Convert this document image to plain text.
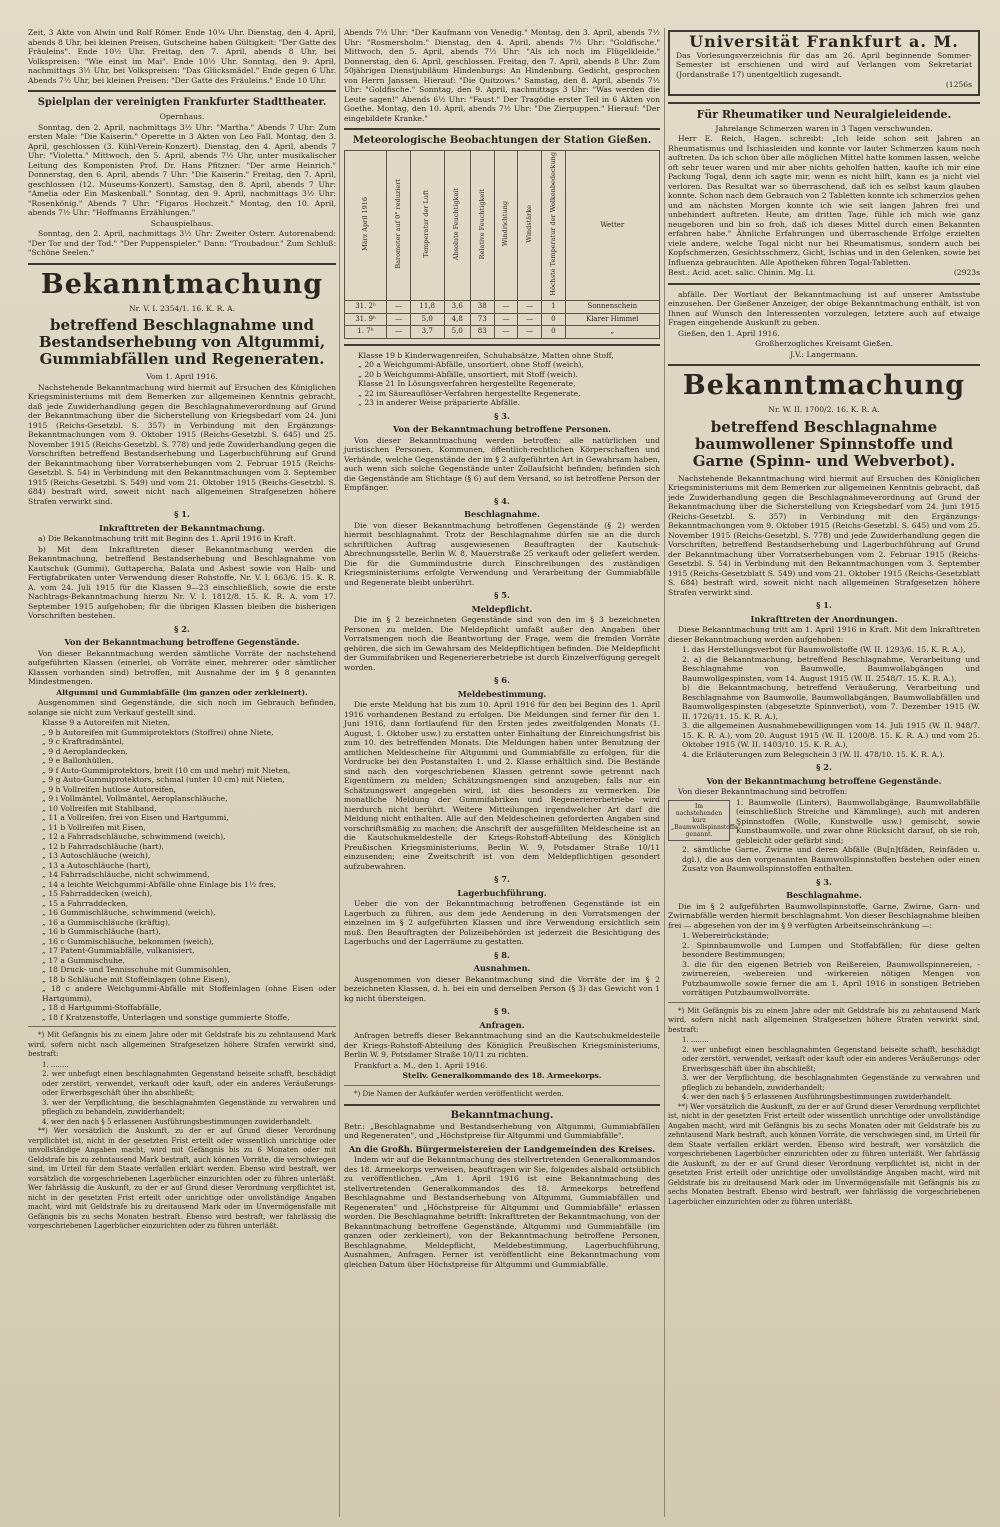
Zeit, 3 Akte von Alwin und Rolf Römer. Ende 10¼ Uhr. Dienstag, den 4. April, abends 8 Uhr, bei kleinen Preisen, Gutscheine haben Gültigkeit: "Der Gatte des Fräuleins". Ende 10½ Uhr. Freitag, den 7. April, abends 8 Uhr, bei Volkspreisen: "Wie einst im Mai". Ende 10½ Uhr. Sonntag, den 9. April, nachmittags 3½ Uhr, bei Volkspreisen: "Das Glücksmädel." Ende gegen 6 Uhr. Abends 7½ Uhr, bei kleinen Preisen: "Der Gatte des Fräuleins." Ende 10 Uhr.

Spielplan der vereinigten Frankfurter Stadttheater.

Opernhaus.

Sonntag, den 2. April, nachmittags 3½ Uhr: "Martha." Abends 7 Uhr: Zum ersten Male: "Die Kaiserin." Operette in 3 Akten von Leo Fall. Montag, den 3. April, geschlossen (3. Kühl-Verein-Konzert). Dienstag, den 4. April, abends 7 Uhr: "Violetta." Mittwoch, den 5. April, abends 7½ Uhr, unter musikalischer Leitung des Komponisten Prof. Dr. Hans Pfitzner: "Der arme Heinrich." Donnerstag, den 6. April, abends 7 Uhr: "Die Kaiserin." Freitag, den 7. April, geschlossen (12. Museums-Konzert). Samstag, den 8. April, abends 7 Uhr: "Amelia oder Ein Maskenball." Sonntag, den 9. April, nachmittags 3½ Uhr: "Rosenkönig." Abends 7 Uhr: "Figaros Hochzeit." Montag, den 10. April, abends 7½ Uhr: "Hoffmanns Erzählungen."

Schauspielhaus.

Sonntag, den 2. April, nachmittags 3½ Uhr: Zweiter Osterr. Autorenabend: "Der Tor und der Tod." "Der Puppenspieler." Dann: "Troubadour." Zum Schluß: "Schöne Seelen."

Bekanntmachung

Nr. V. I. 2354/1. 16. K. R. A.

betreffend Beschlagnahme und Bestandserhebung von Altgummi, Gummiabfällen und Regeneraten.

Vom 1. April 1916.

Nachstehende Bekanntmachung wird hiermit auf Ersuchen des Königlichen Kriegsministeriums mit dem Bemerken zur allgemeinen Kenntnis gebracht, daß jede Zuwiderhandlung gegen die Beschlagnahmeverordnung auf Grund der Bekanntmachung über die Sicherstellung von Kriegsbedarf vom 24. Juni 1915 (Reichs-Gesetzbl. S. 357) in Verbindung mit den Ergänzungs-Bekanntmachungen vom 9. Oktober 1915 (Reichs-Gesetzbl. S. 645) und 25. November 1915 (Reichs-Gesetzbl. S. 778) und jede Zuwiderhandlung gegen die Vorschriften betreffend Bestandserhebung und Lagerbuchführung auf Grund der Bekanntmachung über Vorratserhebungen vom 2. Februar 1915 (Reichs-Gesetzbl. S. 54) in Verbindung mit den Bekanntmachungen vom 3. September 1915 (Reichs-Gesetzbl. S. 549) und vom 21. Oktober 1915 (Reichs-Gesetzbl. S. 684) bestraft wird, soweit nicht nach allgemeinen Strafgesetzen höhere Strafen verwirkt sind.

§ 1.
Inkrafttreten der Bekanntmachung.

a) Die Bekanntmachung tritt mit Beginn des 1. April 1916 in Kraft.

b) Mit dem Inkrafttreten dieser Bekanntmachung werden die Bekanntmachung, betreffend Bestandserhebung und Beschlagnahme von Kautschuk (Gummi), Guttapercha, Balata und Asbest sowie von Halb- und Fertigfabrikaten unter Verwendung dieser Rohstoffe, Nr. V. I. 663/6. 15. K. R. A. vom 24. Juli 1915 für die Klassen 9—23 einschließlich, sowie die erste Nachtrags-Bekanntmachung hierzu Nr. V. I. 1812/8. 15. K. R. A. vom 17. September 1915 aufgehoben; für die übrigen Klassen bleiben die bisherigen Vorschriften bestehen.

§ 2.
Von der Bekanntmachung betroffene Gegenstände.

Von dieser Bekanntmachung werden sämtliche Vorräte der nachstehend aufgeführten Klassen (einerlei, ob Vorräte einer, mehrerer oder sämtlicher Klassen vorhanden sind) betroffen, mit Ausnahme der im § 8 genannten Mindestmengen.

Altgummi und Gummiabfälle (im ganzen oder zerkleinert).

Ausgenommen sind Gegenstände, die sich noch im Gebrauch befinden, solange sie nicht zum Verkauf gestellt sind.

Klasse 9 a Autoreifen mit Nieten,

„ 9 b Autoreifen mit Gummiprotektors (Stoffrei) ohne Niete,

„ 9 c Kraftradmäntel,

„ 9 d Aeroplandecken,

„ 9 e Ballonhüllen,

„ 9 f Auto-Gummiprotektors, breit (10 cm und mehr) mit Nieten,

„ 9 g Auto-Gummiprotektors, schmal (unter 10 cm) mit Nieten,

„ 9 h Vollreifen hutlose Autoreifen,

„ 9 i Vollmäntel, Vollmäntel, Aeroplanschläuche,

„ 10 Vollreifen mit Stahlband,

„ 11 a Vollreifen, frei von Eisen und Hartgummi,

„ 11 b Vollreifen mit Eisen,

„ 12 a Fahrradschläuche, schwimmend (weich),

„ 12 b Fahrradschläuche (hart),

„ 13 Autoschläuche (weich),

„ 13 a Autoschläuche (hart),

„ 14 Fahrradschläuche, nicht schwimmend,

„ 14 a leichte Weichgummi-Abfälle ohne Einlage bis 1½ fres,

„ 15 Fahrraddecken (weich),

„ 15 a Fahrraddecken,

„ 16 Gummischläuche, schwimmend (weich),

„ 16 a Gummischläuche (kräftig),

„ 16 b Gummischläuche (hart),

„ 16 c Gummischläuche, bekommen (weich),

„ 17 Patent-Gummiabfälle, vulkanisiert,

„ 17 a Gummischuhe,

„ 18 Druck- und Tennisschuhe mit Gummisohlen,

„ 18 b Schläuche mit Stoffeinlagen (ohne Eisen),

„ 18 c andere Weichgummi-Abfälle mit Stoffeinlagen (ohne Eisen oder Hartgummi),

„ 18 d Hartgummi-Stoffabfälle,

„ 18 f Kratzenstoffe, Unterlagen und sonstige gummierte Stoffe,

*) Mit Gefängnis bis zu einem Jahre oder mit Geldstrafe bis zu zehntausend Mark wird, sofern nicht nach allgemeinen Strafgesetzen höhere Strafen verwirkt sind, bestraft:

1. ........

2. wer unbefugt einen beschlagnahmten Gegenstand beiseite schafft, beschädigt oder zerstört, verwendet, verkauft oder kauft, oder ein anderes Veräußerungs- oder Erwerbsgeschäft über ihn abschließt;

3. wer der Verpflichtung, die beschlagnahmten Gegenstände zu verwahren und pfleglich zu behandeln, zuwiderhandelt;

4. wer den nach § 5 erlassenen Ausführungsbestimmungen zuwiderhandelt.

**) Wer vorsätzlich die Auskunft, zu der er auf Grund dieser Verordnung verpflichtet ist, nicht in der gesetzten Frist erteilt oder wissentlich unrichtige oder unvollständige Angaben macht, wird mit Gefängnis bis zu 6 Monaten oder mit Geldstrafe bis zu zehntausend Mark bestraft, auch können Vorräte, die verschwiegen sind, im Urteil für dem Staate verfallen erklärt werden. Ebenso wird bestraft, wer vorsätzlich die vorgeschriebenen Lagerbücher einzurichten oder zu führen unterläßt. Wer fahrlässig die Auskunft, zu der er auf Grund dieser Verordnung verpflichtet ist, nicht in der gesetzten Frist erteilt oder unrichtige oder unvollständige Angaben macht, wird mit Geldstrafe bis zu dreitausend Mark oder im Unvermögensfalle mit Gefängnis bis zu sechs Monaten bestraft. Ebenso wird bestraft, wer fahrlässig die vorgeschriebenen Lagerbücher einzurichten oder zu führen unterläßt.

Abends 7½ Uhr: "Der Kaufmann von Venedig." Montag, den 3. April, abends 7½ Uhr: "Rosmersholm." Dienstag, den 4. April, abends 7½ Uhr: "Goldfische." Mittwoch, den 5. April, abends 7½ Uhr: "Als ich noch im Flügelkleide." Donnerstag, den 6. April, geschlossen. Freitag, den 7. April, abends 8 Uhr: Zum 50jährigen Dienstjubiläum Hindenburgs: An Hindenburg. Gedicht, gesprochen von Herrn Janssen. Hierauf: "Die Quitzows." Samstag, den 8. April, abends 7½ Uhr: "Goldfische." Sonntag, den 9. April, nachmittags 3 Uhr: "Was werden die Leute sagen!" Abends 6½ Uhr: "Faust." Der Tragödie erster Teil in 6 Akten von Goethe. Montag, den 10. April, abends 7½ Uhr: "Die Zierpuppen." Hierauf: "Der eingebildete Kranke."

Meteorologische Beobachtungen der Station Gießen.
März April 1916	Barometer auf 0° reduziert	Temperatur der Luft	Absolute Feuchtigkeit	Relative Feuchtigkeit	Windrichtung	Windstärke	Höchste Temperatur der Wolkenbedeckung	Wetter
31. 2ʰ	—	11,8	3,6	38	—	—	1	Sonnenschein
31. 9ʰ	—	5,0	4,8	73	—	—	0	Klarer Himmel
1. 7ʰ	—	3,7	5,0	83	—	—	0	„

Klasse 19 b Kinderwagenreifen, Schuhabsätze, Matten ohne Stoff,

„ 20 a Weichgummi-Abfälle, unsortiert, ohne Stoff (weich),

„ 20 b Weichgummi-Abfälle, unsortiert, mit Stoff (weich).

Klasse 21 In Lösungsverfahren hergestellte Regenerate,

„ 22 im Säureauflöser-Verfahren hergestellte Regenerate,

„ 23 in anderer Weise präparierte Abfälle.

§ 3.
Von der Bekanntmachung betroffene Personen.

Von dieser Bekanntmachung werden betroffen: alle natürlichen und juristischen Personen, Kommunen, öffentlich-rechtlichen Körperschaften und Verbände, welche Gegenstände der im § 2 aufgeführten Art in Gewahrsam haben, auch wenn sich solche Gegenstände unter Zollaufsicht befinden; befinden sich die Gegenstände am Stichtage (§ 6) auf dem Versand, so ist betroffene Person der Empfänger.

§ 4.
Beschlagnahme.

Die von dieser Bekanntmachung betroffenen Gegenstände (§ 2) werden hiermit beschlagnahmt. Trotz der Beschlagnahme dürfen sie an die durch schriftlichen Auftrag ausgewiesenen Beauftragten der Kautschuk-Abrechnungsstelle, Berlin W. 8, Mauerstraße 25 verkauft oder geliefert werden. Die für die Gummiindustrie durch Einschreibungen des zuständigen Kriegsministeriums erfolgte Verwendung und Verarbeitung der Gummiabfälle und Regenerate bleibt unberührt.

§ 5.
Meldepflicht.

Die im § 2 bezeichneten Gegenstände sind von den im § 3 bezeichneten Personen zu melden. Die Meldepflicht umfaßt außer den Angaben über Vorratsmengen noch die Beantwortung der Frage, wem die fremden Vorräte gehören, die sich im Gewahrsam des Meldepflichtigen befinden. Die Meldepflicht der Gummifabriken und Regeneriererbetriebe ist durch Einzelverfügung geregelt worden.

§ 6.
Meldebestimmung.

Die erste Meldung hat bis zum 10. April 1916 für den bei Beginn des 1. April 1916 vorhandenen Bestand zu erfolgen. Die Meldungen sind ferner für den 1. Juni 1916, dann fortlaufend für den Ersten jedes zweitfolgenden Monats (1. August, 1. Oktober usw.) zu erstatten unter Einhaltung der Einreichungsfrist bis zum 10. des betreffenden Monats. Die Meldungen haben unter Benutzung der amtlichen Meldescheine für Altgummi und Gummiabfälle zu erfolgen, für die Vordrucke bei den Postanstalten 1. und 2. Klasse erhältlich sind. Die Bestände sind nach den vorgeschriebenen Klassen getrennt sowie getrennt nach Eigentümern zu melden; Schätzungsmengen sind anzugeben; falls nur ein Schätzungswert angegeben wird, ist dies besonders zu vermerken. Die monatliche Meldung der Gummifabriken und Regeneriererbetriebe wird hierdurch nicht berührt. Weitere Mitteilungen irgendwelcher Art darf die Meldung nicht enthalten. Alle auf den Meldescheinen geforderten Angaben sind vorschriftsmäßig zu machen; die Anschrift der ausgefüllten Meldescheine ist an die Kautschukmeldestelle der Kriegs-Rohstoff-Abteilung des Königlich Preußischen Kriegsministeriums, Berlin W. 9, Potsdamer Straße 10/11 einzusenden; eine Zweitschrift ist von dem Meldepflichtigen gesondert aufzubewahren.

§ 7.
Lagerbuchführung.

Ueber die von der Bekanntmachung betroffenen Gegenstände ist ein Lagerbuch zu führen, aus dem jede Aenderung in den Vorratsmengen der einzelnen im § 2 aufgeführten Klassen und ihre Verwendung ersichtlich sein muß. Den Beauftragten der Polizeibehörden ist jederzeit die Besichtigung des Lagerbuchs und der Lagerräume zu gestatten.

§ 8.
Ausnahmen.

Ausgenommen von dieser Bekanntmachung sind die Vorräte der im § 2 bezeichneten Klassen, d. h. bei ein und derselben Person (§ 3) das Gewicht von 1 kg nicht übersteigen.

§ 9.
Anfragen.

Anfragen betreffs dieser Bekanntmachung sind an die Kautschukmeldestelle der Kriegs-Rohstoff-Abteilung des Königlich Preußischen Kriegsministeriums, Berlin W. 9, Potsdamer Straße 10/11 zu richten.

Frankfurt a. M., den 1. April 1916.

Stellv. Generalkommando des 18. Armeekorps.

*) Die Namen der Aufkäufer werden veröffentlicht werden.

Bekanntmachung.

Betr.: „Beschlagnahme und Bestandserhebung von Altgummi, Gummiabfällen und Regeneraten", und „Höchstpreise für Altgummi und Gummiabfälle".

An die Großh. Bürgermeistereien der Landgemeinden des Kreises.

Indem wir auf die Bekanntmachung des stellvertretenden Generalkommandos des 18. Armeekorps verweisen, beauftragen wir Sie, folgendes alsbald ortsüblich zu veröffentlichen. „Am 1. April 1916 ist eine Bekanntmachung des stellvertretenden Generalkommandos des 18. Armeekorps betreffend Beschlagnahme und Bestandserhebung von Altgummi, Gummiabfällen und Regeneraten" und „Höchstpreise für Altgummi und Gummiabfälle" erlassen worden. Die Beschlagnahme betrifft: Inkrafttreten der Bekanntmachung, von der Bekanntmachung betroffene Gegenstände, Altgummi und Gummiabfälle (im ganzen oder zerkleinert), von der Bekanntmachung betroffene Personen, Beschlagnahme, Meldepflicht, Meldebestimmung, Lagerbuchführung, Ausnahmen, Anfragen. Ferner ist veröffentlicht eine Bekanntmachung vom gleichen Datum über Höchstpreise für Altgummi und Gummiabfälle.

Universität Frankfurt a. M.

Das Vorlesungsverzeichnis für das am 26. April beginnende Sommer-Semester ist erschienen und wird auf Verlangen vom Sekretariat (Jordanstraße 17) unentgeltlich zugesandt.

(1256s

Für Rheumatiker und Neuralgieleidende.

Jahrelange Schmerzen waren in 3 Tagen verschwunden.

Herr E. Reich, Hagen, schreibt: „Ich leide schon seit Jahren an Rheumatismus und Ischiasleiden und konnte vor lauter Schmerzen kaum noch auftreten. Da ich schon über alle möglichen Mittel hatte kommen lassen, welche oft sehr teuer waren und mir aber nichts geholfen hatten, kaufte ich mir eine Packung Togal, denn ich sagte mir, wenn es nicht hilft, kann es ja nicht viel verloren. Das Resultat war so überraschend, daß ich es selbst kaum glauben konnte. Schon nach dem Gebrauch von 2 Tabletten konnte ich schmerzlos gehen und am nächsten Morgen konnte ich wie seit langen Jahren frei und unbehindert auftreten. Heute, am dritten Tage, fühle ich mich wie ganz neugeboren und bin so froh, daß ich dieses Mittel durch einen Bekannten erfahren habe." Ähnliche Erfahrungen und überraschende Erfolge erzielten viele andere, welche Togal nicht nur bei Rheumatismus, sondern auch bei Kopfschmerzen, Gesichtsschmerz, Gicht, Ischias und in den Gelenken, sowie bei Influenza gebrauchten. Alle Apotheken führen Togal-Tabletten.

Best.: Acid. acet. salic. Chinin. Mg. Li.	(2923s

abfälle. Der Wortlaut der Bekanntmachung ist auf unserer Amtsstube einzusehen. Der Gießener Anzeiger, der obige Bekanntmachung enthält, ist von Ihnen auf Wunsch den Interessenten vorzulegen, letztere auch auf etwaige Fragen eingehende Auskunft zu geben.

Gießen, den 1. April 1916.

Großherzogliches Kreisamt Gießen.

J.V.: Langermann.

Bekanntmachung

Nr. W. II. 1700/2. 16. K. R. A.

betreffend Beschlagnahme baumwollener Spinnstoffe und Garne (Spinn- und Webverbot).

Nachstehende Bekanntmachung wird hiermit auf Ersuchen des Königlichen Kriegsministeriums mit dem Bemerken zur allgemeinen Kenntnis gebracht, daß jede Zuwiderhandlung gegen die Beschlagnahmeverordnung auf Grund der Bekanntmachung über die Sicherstellung von Kriegsbedarf vom 24. Juni 1915 (Reichs-Gesetzbl. S. 357) in Verbindung mit den Ergänzungs-Bekanntmachungen vom 9. Oktober 1915 (Reichs-Gesetzbl. S. 645) und vom 25. November 1915 (Reichs-Gesetzbl. S. 778) und jede Zuwiderhandlung gegen die Vorschriften, betreffend Bestandserhebung und Lagerbuchführung auf Grund der Bekanntmachung über Vorratserhebungen vom 2. Februar 1915 (Reichs-Gesetzbl. S. 54) in Verbindung mit den Bekanntmachungen vom 3. September 1915 (Reichs-Gesetzblatt S. 549) und vom 21. Oktober 1915 (Reichs-Gesetzblatt S. 684) bestraft wird, soweit nicht nach allgemeinen Strafgesetzen höhere Strafen verwirkt sind.

§ 1.
Inkrafttreten der Anordnungen.

Diese Bekanntmachung tritt am 1. April 1916 in Kraft. Mit dem Inkrafttreten dieser Bekanntmachung werden aufgehoben:

1. das Herstellungsverbot für Baumwollstoffe (W. II. 1293/6. 15. K. R. A.),

2. a) die Bekanntmachung, betreffend Beschlagnahme, Verarbeitung und Beschlagnahme von Baumwolle, Baumwollabgängen und Baumwollgespinsten, vom 14. August 1915 (W. II. 2548/7. 15. K. R. A.),

b) die Bekanntmachung, betreffend Veräußerung, Verarbeitung und Beschlagnahme von Baumwolle, Baumwollabgängen, Baumwollabfällen und Baumwollgespinsten (abgesetzte Spinnverbot), vom 7. Dezember 1915 (W. II. 1726/11. 15. K. R. A.),

3. die allgemeinen Ausnahmebewilligungen vom 14. Juli 1915 (W. II. 948/7. 15. K. R. A.), vom 20. August 1915 (W. II. 1200/8. 15. K. R. A.) und vom 25. Oktober 1915 (W. II. 1403/10. 15. K. R. A.),

4. die Erläuterungen zum Belegschein 3 (W. II. 478/10. 15. K. R. A.).

§ 2.
Von der Bekanntmachung betroffene Gegenstände.

Von dieser Bekanntmachung sind betroffen:

Im nachstehenden kurz „Baumwollspinnstoffe" genannt.

1. Baumwolle (Linters), Baumwollabgänge, Baumwollabfälle (einschließlich Streiche und Kämmlinge), auch mit anderen Spinnstoffen (Wolle, Kunstwolle usw.) gemischt, sowie Kunstbaumwolle, und zwar ohne Rücksicht darauf, ob sie roh, gebleicht oder gefärbt sind;

2. sämtliche Garne, Zwirne und deren Abfälle (Bu[n]tfäden, Reinfäden u. dgl.), die aus den vorgenannten Baumwollspinnstoffen bestehen oder einen Zusatz von Baumwollspinnstoffen enthalten.

§ 3.
Beschlagnahme.

Die im § 2 aufgeführten Baumwollspinnstoffe, Garne, Zwirne, Garn- und Zwirnabfälle werden hiermit beschlagnahmt. Von dieser Beschlagnahme bleiben frei — abgesehen von der im § 9 verfügten Arbeitseinschränkung —:

1. Webereirückstände;

2. Spinnbaumwolle und Lumpen und Stoffabfällen; für diese gelten besondere Bestimmungen;

3. die für den eigenen Betrieb von Reißereien, Baumwollspinnereien, -zwirnereien, -webereien und -wirkereien nötigen Mengen von Putzbaumwolle sowie ferner die am 1. April 1916 in sonstigen Betrieben vorrätigen Putzbaumwollvorräte.

*) Mit Gefängnis bis zu einem Jahre oder mit Geldstrafe bis zu zehntausend Mark wird, sofern nicht nach allgemeinen Strafgesetzen höhere Strafen verwirkt sind, bestraft:

1. ........

2. wer unbefugt einen beschlagnahmten Gegenstand beiseite schafft, beschädigt oder zerstört, verwendet, verkauft oder kauft oder ein anderes Veräußerungs- oder Erwerbsgeschäft über ihn abschließt;

3. wer der Verpflichtung, die beschlagnahmten Gegenstände zu verwahren und pfleglich zu behandeln, zuwiderhandelt;

4. wer den nach § 5 erlassenen Ausführungsbestimmungen zuwiderhandelt.

**) Wer vorsätzlich die Auskunft, zu der er auf Grund dieser Verordnung verpflichtet ist, nicht in der gesetzten Frist erteilt oder wissentlich unrichtige oder unvollständige Angaben macht, wird mit Gefängnis bis zu sechs Monaten oder mit Geldstrafe bis zu zehntausend Mark bestraft, auch können Vorräte, die verschwiegen sind, im Urteil für dem Staate verfallen erklärt werden. Ebenso wird bestraft, wer vorsätzlich die vorgeschriebenen Lagerbücher einzurichten oder zu führen unterläßt. Wer fahrlässig die Auskunft, zu der er auf Grund dieser Verordnung verpflichtet ist, nicht in der gesetzten Frist erteilt oder unrichtige oder unvollständige Angaben macht, wird mit Geldstrafe bis zu dreitausend Mark oder im Unvermögensfalle mit Gefängnis bis zu sechs Monaten bestraft. Ebenso wird bestraft, wer fahrlässig die vorgeschriebenen Lagerbücher einzurichten oder zu führen unterläßt.
